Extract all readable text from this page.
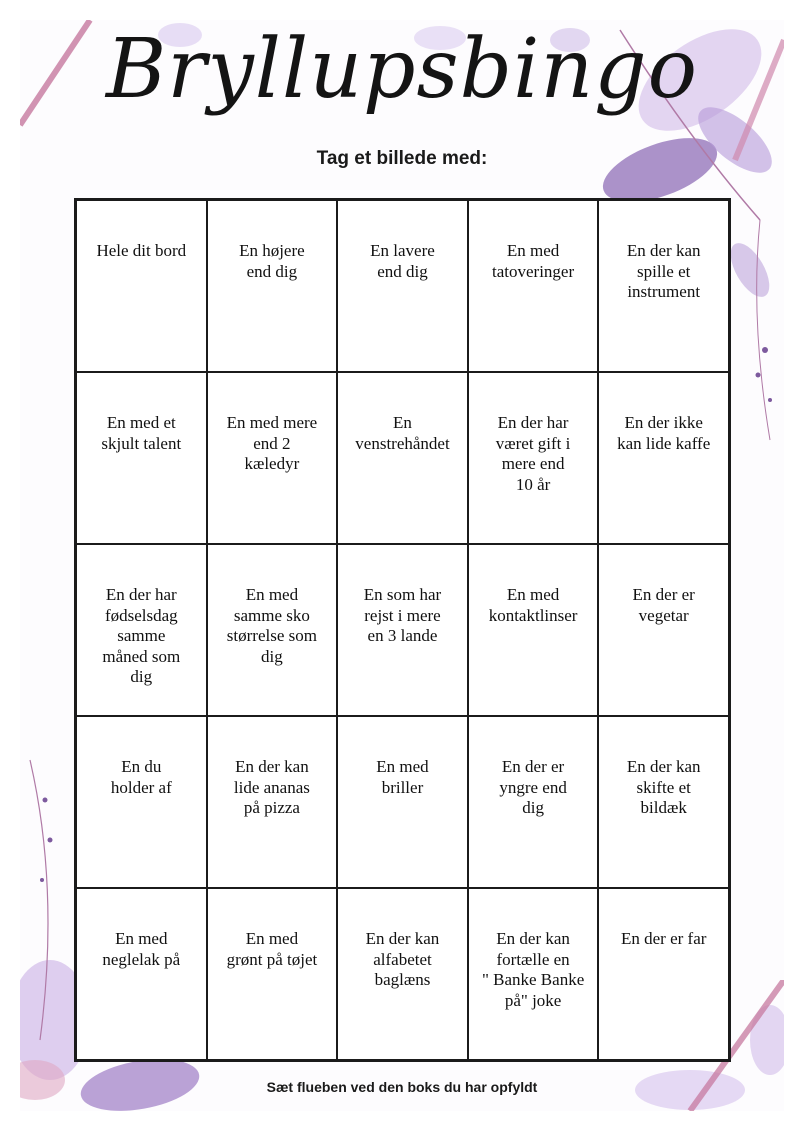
Bryllupsbingo
Tag et billede med:
Hele dit bord	En højere
end dig
En lavere
end dig
En med
tatoveringer
En der kan
spille et
instrument
En med et
skjult talent
En med mere
end 2
kæledyr
En
venstrehåndet
En der har
været gift i
mere end
10 år
En der ikke
kan lide kaffe
En der har
fødselsdag
samme
måned som
dig
En med
samme sko
størrelse som
dig
En som har
rejst i mere
en 3 lande
En med
kontaktlinser
En der er
vegetar
En du
holder af
En der kan
lide ananas
på pizza
En med
briller
En der er
yngre end
dig
En der kan
skifte et
bildæk
En med
neglelak på
En med
grønt på tøjet
En der kan
alfabetet
baglæns
En der kan
fortælle en
" Banke Banke
på" joke
En der er far
Sæt flueben ved den boks du har opfyldt
